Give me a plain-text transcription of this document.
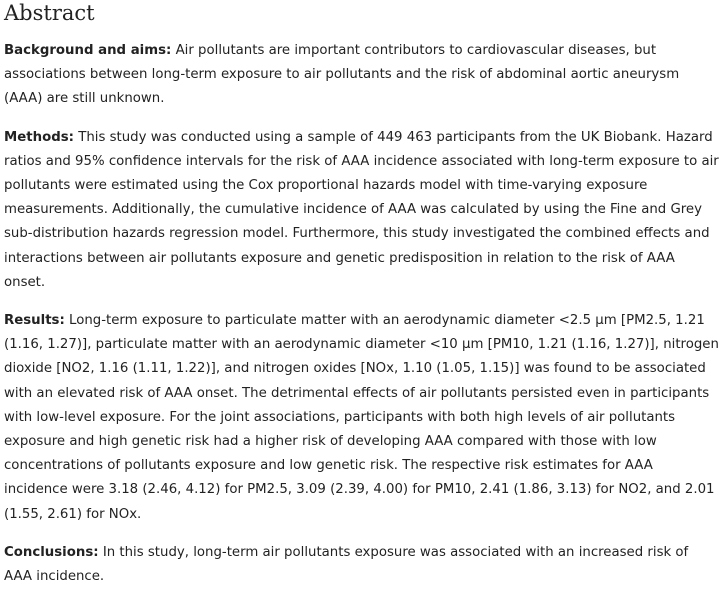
Abstract

Background and aims: Air pollutants are important contributors to cardiovascular diseases, but associations between long-term exposure to air pollutants and the risk of abdominal aortic aneurysm (AAA) are still unknown.

Methods: This study was conducted using a sample of 449 463 participants from the UK Biobank. Hazard ratios and 95% confidence intervals for the risk of AAA incidence associated with long-term exposure to air pollutants were estimated using the Cox proportional hazards model with time-varying exposure measurements. Additionally, the cumulative incidence of AAA was calculated by using the Fine and Grey sub-distribution hazards regression model. Furthermore, this study investigated the combined effects and interactions between air pollutants exposure and genetic predisposition in relation to the risk of AAA onset.

Results: Long-term exposure to particulate matter with an aerodynamic diameter <2.5 μm [PM2.5, 1.21 (1.16, 1.27)], particulate matter with an aerodynamic diameter <10 μm [PM10, 1.21 (1.16, 1.27)], nitrogen dioxide [NO2, 1.16 (1.11, 1.22)], and nitrogen oxides [NOx, 1.10 (1.05, 1.15)] was found to be associated with an elevated risk of AAA onset. The detrimental effects of air pollutants persisted even in participants with low-level exposure. For the joint associations, participants with both high levels of air pollutants exposure and high genetic risk had a higher risk of developing AAA compared with those with low concentrations of pollutants exposure and low genetic risk. The respective risk estimates for AAA incidence were 3.18 (2.46, 4.12) for PM2.5, 3.09 (2.39, 4.00) for PM10, 2.41 (1.86, 3.13) for NO2, and 2.01 (1.55, 2.61) for NOx.

Conclusions: In this study, long-term air pollutants exposure was associated with an increased risk of AAA incidence.
